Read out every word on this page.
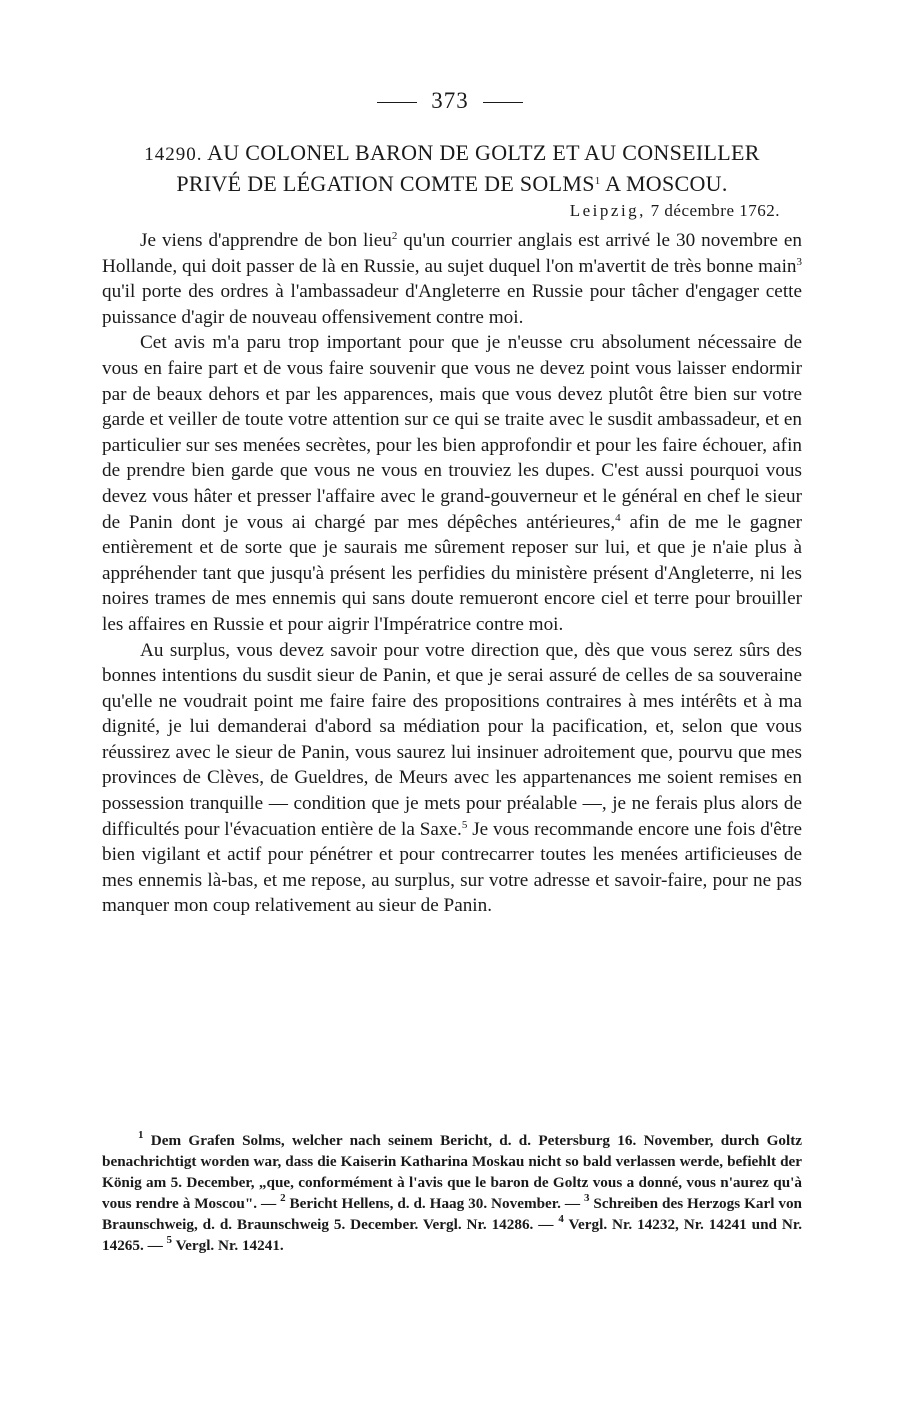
373
14290. AU COLONEL BARON DE GOLTZ ET AU CONSEILLER
PRIVÉ DE LÉGATION COMTE DE SOLMS$^1$ A MOSCOU.
Leipzig, 7 décembre 1762.

Je viens d'apprendre de bon lieu$^2$ qu'un courrier anglais est arrivé le 30 novembre en Hollande, qui doit passer de là en Russie, au sujet duquel l'on m'avertit de très bonne main$^3$ qu'il porte des ordres à l'ambassadeur d'Angleterre en Russie pour tâcher d'engager cette puissance d'agir de nouveau offensivement contre moi.

Cet avis m'a paru trop important pour que je n'eusse cru absolument nécessaire de vous en faire part et de vous faire souvenir que vous ne devez point vous laisser endormir par de beaux dehors et par les apparences, mais que vous devez plutôt être bien sur votre garde et veiller de toute votre attention sur ce qui se traite avec le susdit ambassadeur, et en particulier sur ses menées secrètes, pour les bien approfondir et pour les faire échouer, afin de prendre bien garde que vous ne vous en trouviez les dupes. C'est aussi pourquoi vous devez vous hâter et presser l'affaire avec le grand-gouverneur et le général en chef le sieur de Panin dont je vous ai chargé par mes dépêches antérieures,$^4$ afin de me le gagner entièrement et de sorte que je saurais me sûrement reposer sur lui, et que je n'aie plus à appréhender tant que jusqu'à présent les perfidies du ministère présent d'Angleterre, ni les noires trames de mes ennemis qui sans doute remueront encore ciel et terre pour brouiller les affaires en Russie et pour aigrir l'Impératrice contre moi.

Au surplus, vous devez savoir pour votre direction que, dès que vous serez sûrs des bonnes intentions du susdit sieur de Panin, et que je serai assuré de celles de sa souveraine qu'elle ne voudrait point me faire faire des propositions contraires à mes intérêts et à ma dignité, je lui demanderai d'abord sa médiation pour la pacification, et, selon que vous réussirez avec le sieur de Panin, vous saurez lui insinuer adroitement que, pourvu que mes provinces de Clèves, de Gueldres, de Meurs avec les appartenances me soient remises en possession tranquille — condition que je mets pour préalable —, je ne ferais plus alors de difficultés pour l'évacuation entière de la Saxe.$^5$ Je vous recommande encore une fois d'être bien vigilant et actif pour pénétrer et pour contrecarrer toutes les menées artificieuses de mes ennemis là-bas, et me repose, au surplus, sur votre adresse et savoir-faire, pour ne pas manquer mon coup relativement au sieur de Panin.

$^1$ Dem Grafen Solms, welcher nach seinem Bericht, d. d. Petersburg 16. November, durch Goltz benachrichtigt worden war, dass die Kaiserin Katharina Moskau nicht so bald verlassen werde, befiehlt der König am 5. December, „que, conformément à l'avis que le baron de Goltz vous a donné, vous n'aurez qu'à vous rendre à Moscou". — $^2$ Bericht Hellens, d. d. Haag 30. November. — $^3$ Schreiben des Herzogs Karl von Braunschweig, d. d. Braunschweig 5. December. Vergl. Nr. 14286. — $^4$ Vergl. Nr. 14232, Nr. 14241 und Nr. 14265. — $^5$ Vergl. Nr. 14241.
